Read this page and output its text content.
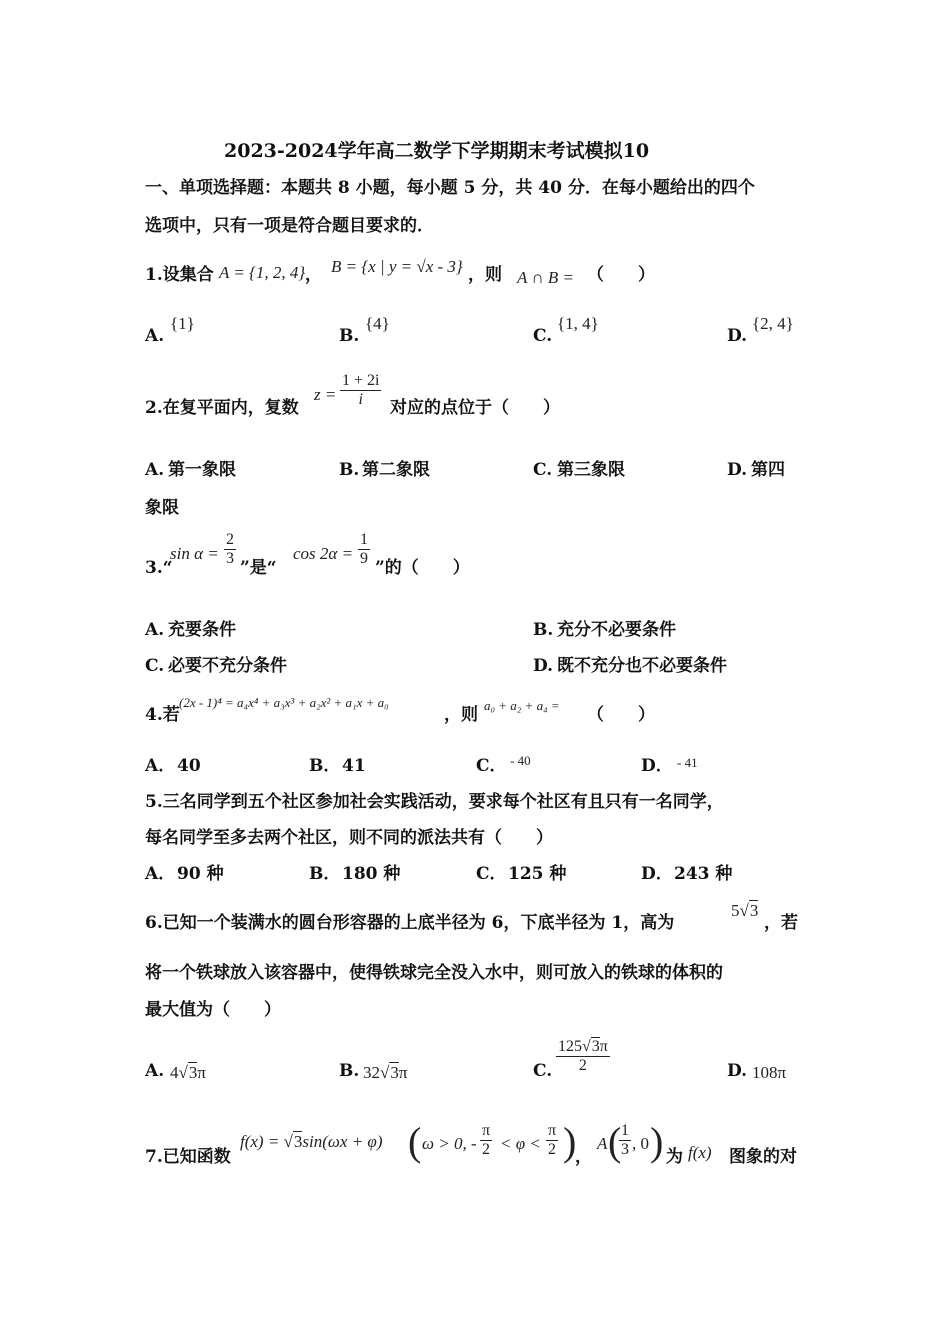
2023-2024学年高二数学下学期期末考试模拟10
一、单项选择题：本题共 8 小题，每小题 5 分，共 40 分．在每小题给出的四个
选项中，只有一项是符合题目要求的．
1.设集合 A = {1, 2, 4} ， B = {x | y = √x - 3} ，则 A ∩ B = （　　）
A.
{1}
B.
{4}
C.
{1, 4}
D.
{2, 4}
2.在复平面内，复数
z =
1 + 2i
i 对应的点位于（　　）
A. 第一象限	B. 第二象限	C. 第三象限	D. 第四
象限
3.“
sin α =
2
3 ”是“
cos 2α =
1
9 ”的（　　）
A. 充要条件	B. 充分不必要条件
C. 必要不充分条件	D. 既不充分也不必要条件
4.若
(2x - 1)⁴ = a₄x⁴ + a₃x³ + a₂x² + a₁x + a₀
，则 a₀ + a₂ + a₄ = （　　）
A． 40	B． 41	C． - 40	D． - 41
5.三名同学到五个社区参加社会实践活动，要求每个社区有且只有一名同学，
每名同学至多去两个社区，则不同的派法共有（　　）
A． 90 种	B． 180 种	C． 125 种	D． 243 种
6.已知一个装满水的圆台形容器的上底半径为 6，下底半径为 1，高为
5√3
，若
将一个铁球放入该容器中，使得铁球完全没入水中，则可放入的铁球的体积的
最大值为（　　）
A. 4√3π	B. 32√3π	C.
125√3π
2	D. 108π
7.已知函数
f(x) = √3sin(ωx + φ) ( ω > 0, -
π
2 < φ <
π
2 )
，
A ( 1
3 , 0 ) 为 f(x) 图象的对
